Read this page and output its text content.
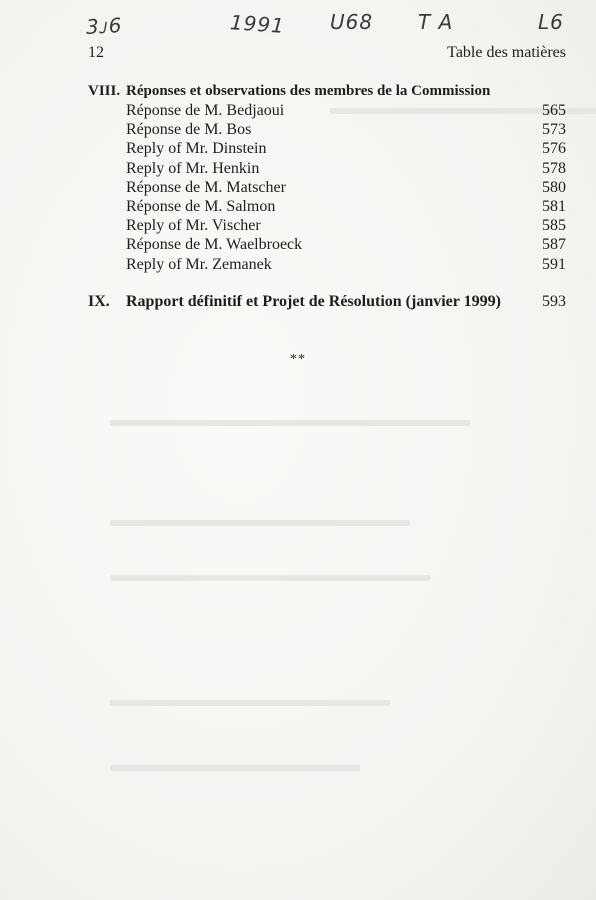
3ᴊ6	1991 U68 T A	L6
12	Table des matières
VIII. Réponses et observations des membres de la Commission
Réponse de M. Bedjaoui	565
Réponse de M. Bos	573
Reply of Mr. Dinstein	576
Reply of Mr. Henkin	578
Réponse de M. Matscher	580
Réponse de M. Salmon	581
Reply of Mr. Vischer	585
Réponse de M. Waelbroeck	587
Reply of Mr. Zemanek	591
IX.	Rapport définitif et Projet de Résolution (janvier 1999)	593
**
